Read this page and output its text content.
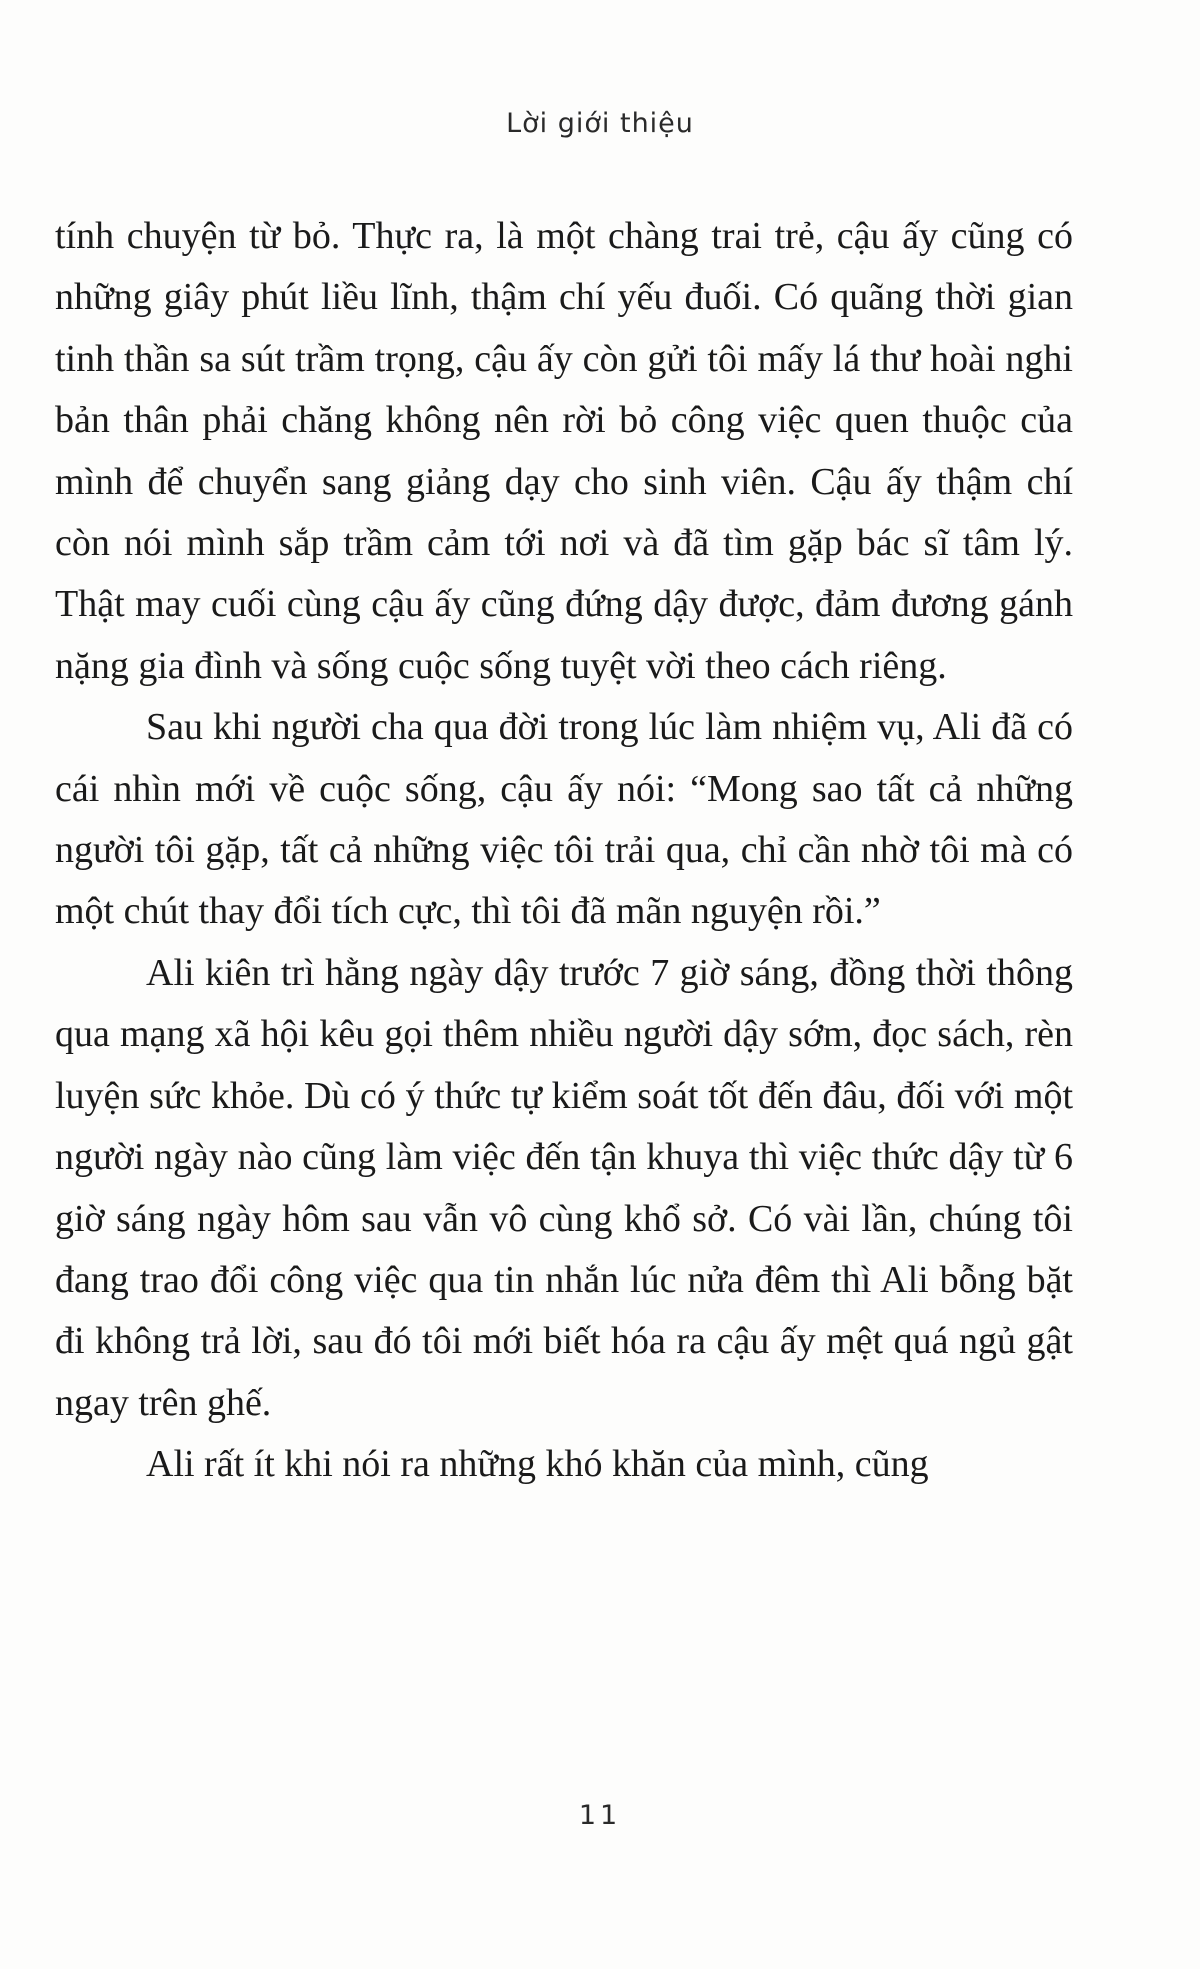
Lời giới thiệu

tính chuyện từ bỏ. Thực ra, là một chàng trai trẻ, cậu ấy cũng có những giây phút liều lĩnh, thậm chí yếu đuối. Có quãng thời gian tinh thần sa sút trầm trọng, cậu ấy còn gửi tôi mấy lá thư hoài nghi bản thân phải chăng không nên rời bỏ công việc quen thuộc của mình để chuyển sang giảng dạy cho sinh viên. Cậu ấy thậm chí còn nói mình sắp trầm cảm tới nơi và đã tìm gặp bác sĩ tâm lý. Thật may cuối cùng cậu ấy cũng đứng dậy được, đảm đương gánh nặng gia đình và sống cuộc sống tuyệt vời theo cách riêng.

Sau khi người cha qua đời trong lúc làm nhiệm vụ, Ali đã có cái nhìn mới về cuộc sống, cậu ấy nói: “Mong sao tất cả những người tôi gặp, tất cả những việc tôi trải qua, chỉ cần nhờ tôi mà có một chút thay đổi tích cực, thì tôi đã mãn nguyện rồi.”

Ali kiên trì hằng ngày dậy trước 7 giờ sáng, đồng thời thông qua mạng xã hội kêu gọi thêm nhiều người dậy sớm, đọc sách, rèn luyện sức khỏe. Dù có ý thức tự kiểm soát tốt đến đâu, đối với một người ngày nào cũng làm việc đến tận khuya thì việc thức dậy từ 6 giờ sáng ngày hôm sau vẫn vô cùng khổ sở. Có vài lần, chúng tôi đang trao đổi công việc qua tin nhắn lúc nửa đêm thì Ali bỗng bặt đi không trả lời, sau đó tôi mới biết hóa ra cậu ấy mệt quá ngủ gật ngay trên ghế.

Ali rất ít khi nói ra những khó khăn của mình, cũng

11
